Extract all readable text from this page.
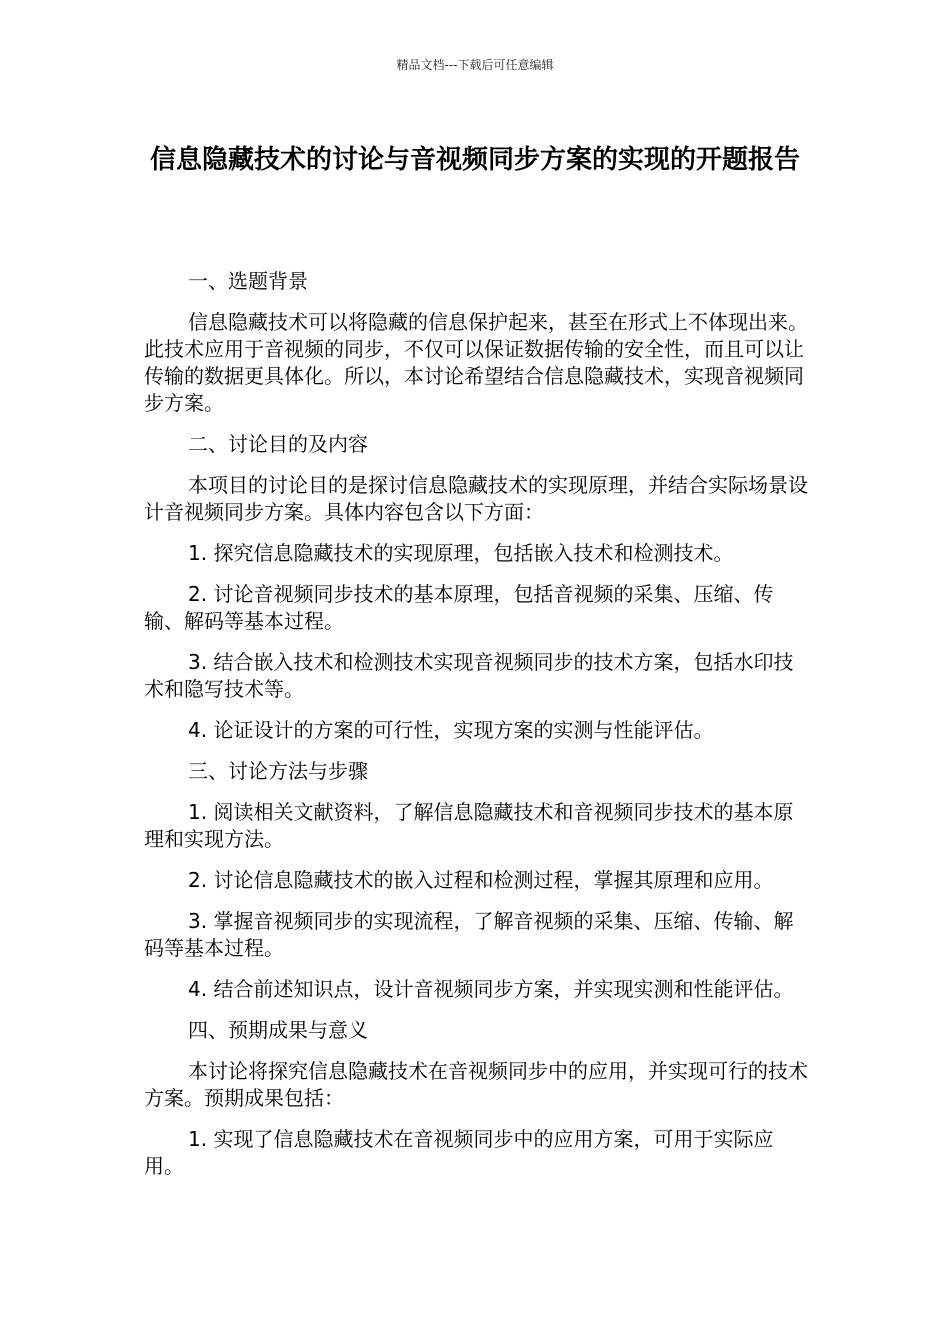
精品文档---下载后可任意编辑
信息隐藏技术的讨论与音视频同步方案的实现的开题报告

一、选题背景

信息隐藏技术可以将隐藏的信息保护起来，甚至在形式上不体现出来。此技术应用于音视频的同步，不仅可以保证数据传输的安全性，而且可以让传输的数据更具体化。所以，本讨论希望结合信息隐藏技术，实现音视频同步方案。

二、讨论目的及内容

本项目的讨论目的是探讨信息隐藏技术的实现原理，并结合实际场景设计音视频同步方案。具体内容包含以下方面：

1. 探究信息隐藏技术的实现原理，包括嵌入技术和检测技术。

2. 讨论音视频同步技术的基本原理，包括音视频的采集、压缩、传输、解码等基本过程。

3. 结合嵌入技术和检测技术实现音视频同步的技术方案，包括水印技术和隐写技术等。

4. 论证设计的方案的可行性，实现方案的实测与性能评估。

三、讨论方法与步骤

1. 阅读相关文献资料，了解信息隐藏技术和音视频同步技术的基本原理和实现方法。

2. 讨论信息隐藏技术的嵌入过程和检测过程，掌握其原理和应用。

3. 掌握音视频同步的实现流程，了解音视频的采集、压缩、传输、解码等基本过程。

4. 结合前述知识点，设计音视频同步方案，并实现实测和性能评估。

四、预期成果与意义

本讨论将探究信息隐藏技术在音视频同步中的应用，并实现可行的技术方案。预期成果包括：

1. 实现了信息隐藏技术在音视频同步中的应用方案，可用于实际应用。
